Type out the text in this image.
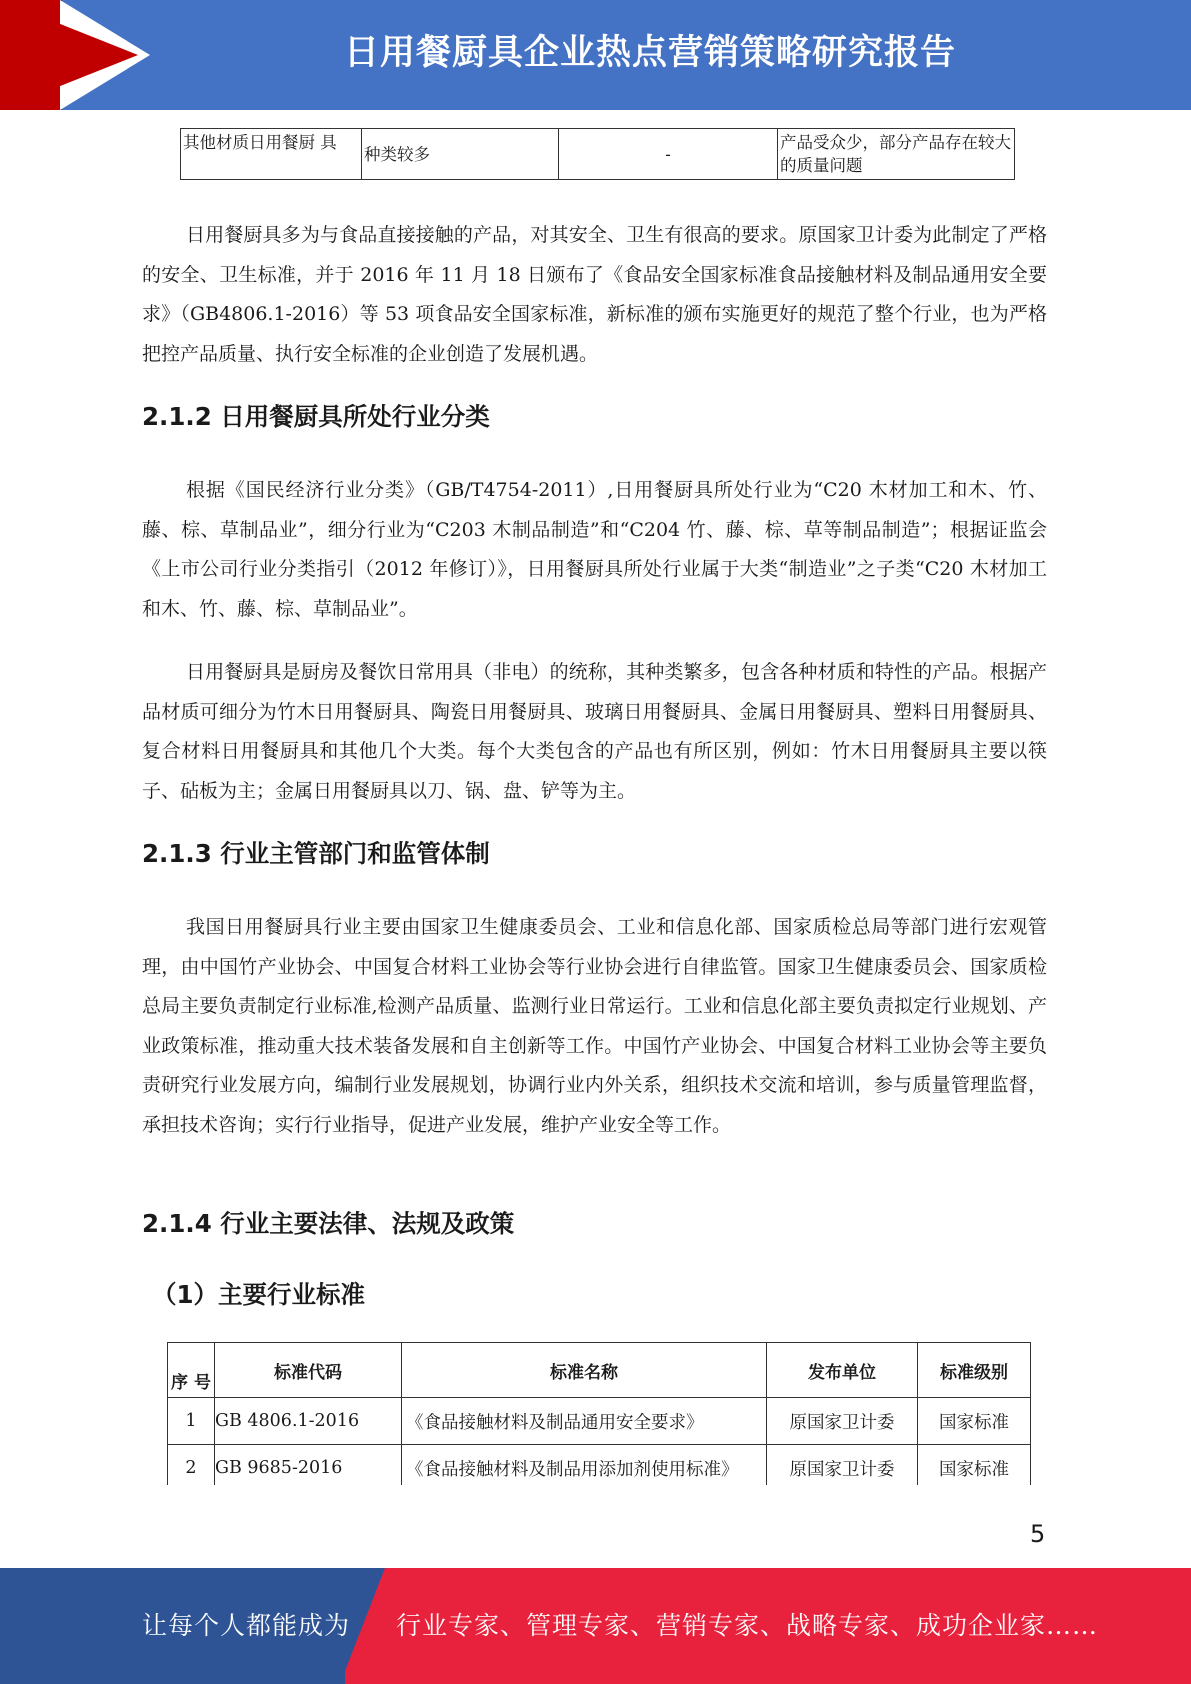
日用餐厨具企业热点营销策略研究报告
其他材质日用餐厨 具	种类较多	-	产品受众少，部分产品存在较大的质量问题

日用餐厨具多为与食品直接接触的产品，对其安全、卫生有很高的要求。原国家卫计委为此制定了严格的安全、卫生标准，并于 2016 年 11 月 18 日颁布了《食品安全国家标准食品接触材料及制品通用安全要求》（GB4806.1-2016）等 53 项食品安全国家标准，新标准的颁布实施更好的规范了整个行业，也为严格把控产品质量、执行安全标准的企业创造了发展机遇。

2.1.2 日用餐厨具所处行业分类

根据《国民经济行业分类》（GB/T4754-2011）,日用餐厨具所处行业为“C20 木材加工和木、竹、藤、棕、草制品业”，细分行业为“C203 木制品制造”和“C204 竹、藤、棕、草等制品制造”；根据证监会《上市公司行业分类指引（2012 年修订）》，日用餐厨具所处行业属于大类“制造业”之子类“C20 木材加工和木、竹、藤、棕、草制品业”。

日用餐厨具是厨房及餐饮日常用具（非电）的统称，其种类繁多，包含各种材质和特性的产品。根据产品材质可细分为竹木日用餐厨具、陶瓷日用餐厨具、玻璃日用餐厨具、金属日用餐厨具、塑料日用餐厨具、复合材料日用餐厨具和其他几个大类。每个大类包含的产品也有所区别，例如：竹木日用餐厨具主要以筷子、砧板为主；金属日用餐厨具以刀、锅、盘、铲等为主。

2.1.3 行业主管部门和监管体制

我国日用餐厨具行业主要由国家卫生健康委员会、工业和信息化部、国家质检总局等部门进行宏观管理，由中国竹产业协会、中国复合材料工业协会等行业协会进行自律监管。国家卫生健康委员会、国家质检总局主要负责制定行业标准,检测产品质量、监测行业日常运行。工业和信息化部主要负责拟定行业规划、产业政策标准，推动重大技术装备发展和自主创新等工作。中国竹产业协会、中国复合材料工业协会等主要负责研究行业发展方向，编制行业发展规划，协调行业内外关系，组织技术交流和培训，参与质量管理监督，承担技术咨询；实行行业指导，促进产业发展，维护产业安全等工作。

2.1.4 行业主要法律、法规及政策
（1）主要行业标准
序 号	标准代码	标准名称	发布单位	标准级别
1	GB 4806.1-2016	《食品接触材料及制品通用安全要求》	原国家卫计委	国家标准
2	GB 9685-2016	《食品接触材料及制品用添加剂使用标准》	原国家卫计委	国家标准
5
让每个人都能成为 行业专家、管理专家、营销专家、战略专家、成功企业家……
